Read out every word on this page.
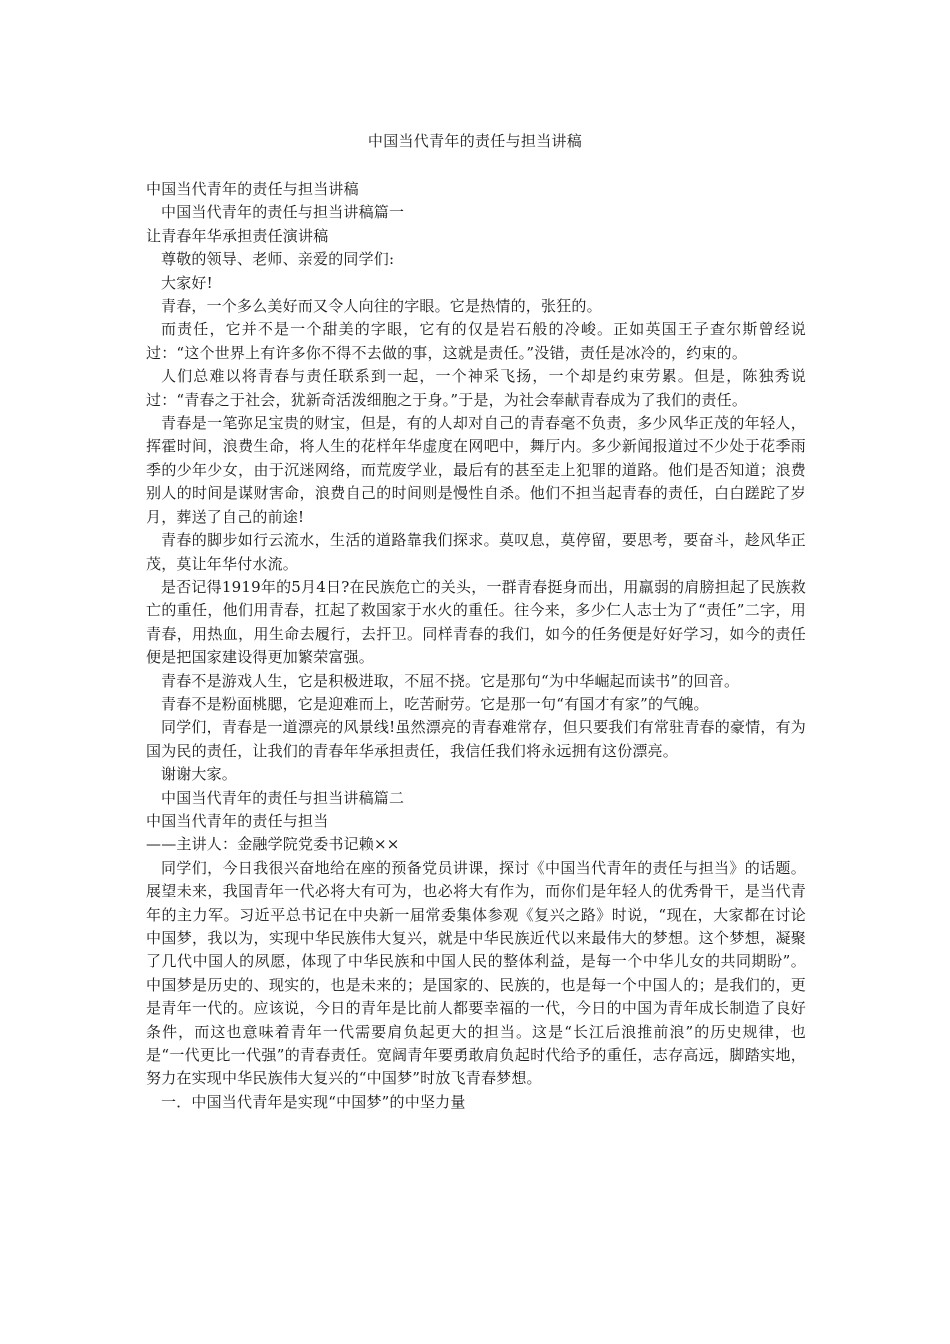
中国当代青年的责任与担当讲稿

中国当代青年的责任与担当讲稿

中国当代青年的责任与担当讲稿篇一

让青春年华承担责任演讲稿

尊敬的领导、老师、亲爱的同学们:

大家好!

青春，一个多么美好而又令人向往的字眼。它是热情的，张狂的。

而责任，它并不是一个甜美的字眼，它有的仅是岩石般的冷峻。正如英国王子查尔斯曾经说过：“这个世界上有许多你不得不去做的事，这就是责任。”没错，责任是冰冷的，约束的。

人们总难以将青春与责任联系到一起，一个神采飞扬，一个却是约束劳累。但是，陈独秀说过：“青春之于社会，犹新奇活泼细胞之于身。”于是，为社会奉献青春成为了我们的责任。

青春是一笔弥足宝贵的财宝，但是，有的人却对自己的青春毫不负责，多少风华正茂的年轻人，挥霍时间，浪费生命，将人生的花样年华虚度在网吧中，舞厅内。多少新闻报道过不少处于花季雨季的少年少女，由于沉迷网络，而荒废学业，最后有的甚至走上犯罪的道路。他们是否知道；浪费别人的时间是谋财害命，浪费自己的时间则是慢性自杀。他们不担当起青春的责任，白白蹉跎了岁月，葬送了自己的前途!

青春的脚步如行云流水，生活的道路靠我们探求。莫叹息，莫停留，要思考，要奋斗，趁风华正茂，莫让年华付水流。

是否记得1919年的5月4日?在民族危亡的关头，一群青春挺身而出，用羸弱的肩膀担起了民族救亡的重任，他们用青春，扛起了救国家于水火的重任。往今来，多少仁人志士为了“责任”二字，用青春，用热血，用生命去履行，去扞卫。同样青春的我们，如今的任务便是好好学习，如今的责任便是把国家建设得更加繁荣富强。

青春不是游戏人生，它是积极进取，不屈不挠。它是那句“为中华崛起而读书”的回音。

青春不是粉面桃腮，它是迎难而上，吃苦耐劳。它是那一句“有国才有家”的气魄。

同学们，青春是一道漂亮的风景线!虽然漂亮的青春难常存，但只要我们有常驻青春的豪情，有为国为民的责任，让我们的青春年华承担责任，我信任我们将永远拥有这份漂亮。

谢谢大家。

中国当代青年的责任与担当讲稿篇二

中国当代青年的责任与担当

——主讲人：金融学院党委书记赖××

同学们，今日我很兴奋地给在座的预备党员讲课，探讨《中国当代青年的责任与担当》的话题。展望未来，我国青年一代必将大有可为，也必将大有作为，而你们是年轻人的优秀骨干，是当代青年的主力军。习近平总书记在中央新一届常委集体参观《复兴之路》时说，“现在，大家都在讨论中国梦，我以为，实现中华民族伟大复兴，就是中华民族近代以来最伟大的梦想。这个梦想，凝聚了几代中国人的夙愿，体现了中华民族和中国人民的整体利益，是每一个中华儿女的共同期盼”。中国梦是历史的、现实的，也是未来的；是国家的、民族的，也是每一个中国人的；是我们的，更是青年一代的。应该说，今日的青年是比前人都要幸福的一代，今日的中国为青年成长制造了良好条件，而这也意味着青年一代需要肩负起更大的担当。这是“长江后浪推前浪”的历史规律，也是“一代更比一代强”的青春责任。宽阔青年要勇敢肩负起时代给予的重任，志存高远，脚踏实地，努力在实现中华民族伟大复兴的“中国梦”时放飞青春梦想。

一．中国当代青年是实现“中国梦”的中坚力量
